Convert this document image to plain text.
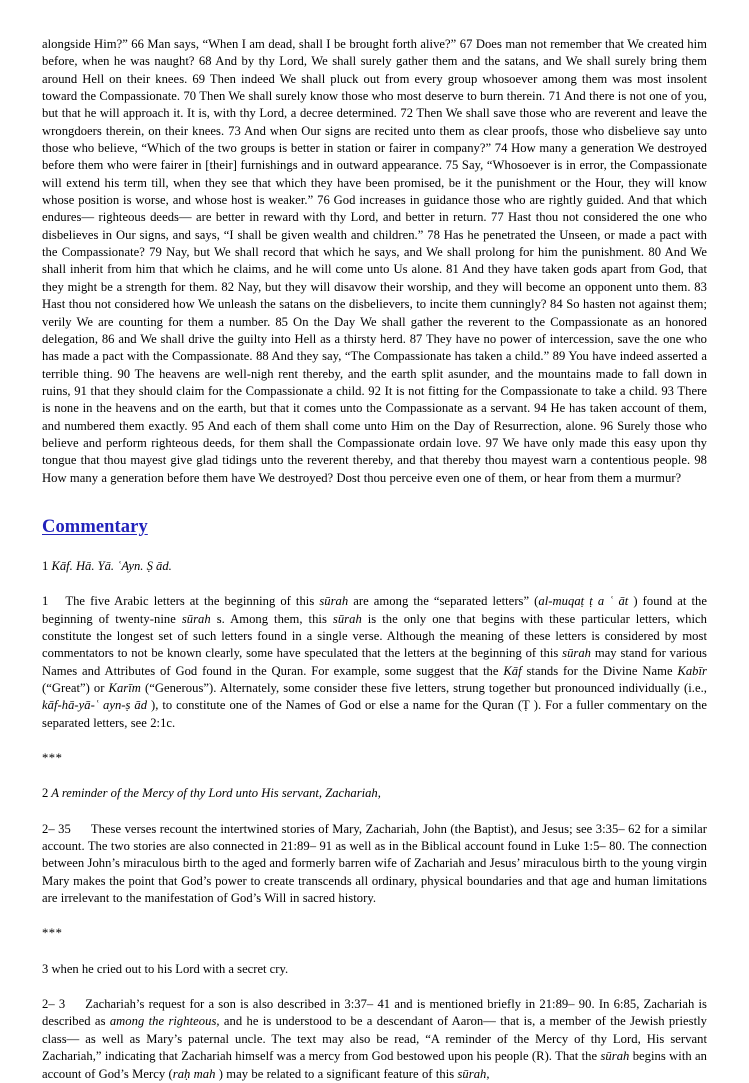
alongside Him?” 66 Man says, “When I am dead, shall I be brought forth alive?” 67 Does man not remember that We created him before, when he was naught? 68 And by thy Lord, We shall surely gather them and the satans, and We shall surely bring them around Hell on their knees. 69 Then indeed We shall pluck out from every group whosoever among them was most insolent toward the Compassionate. 70 Then We shall surely know those who most deserve to burn therein. 71 And there is not one of you, but that he will approach it. It is, with thy Lord, a decree determined. 72 Then We shall save those who are reverent and leave the wrongdoers therein, on their knees. 73 And when Our signs are recited unto them as clear proofs, those who disbelieve say unto those who believe, “Which of the two groups is better in station or fairer in company?” 74 How many a generation We destroyed before them who were fairer in [their] furnishings and in outward appearance. 75 Say, “Whosoever is in error, the Compassionate will extend his term till, when they see that which they have been promised, be it the punishment or the Hour, they will know whose position is worse, and whose host is weaker.” 76 God increases in guidance those who are rightly guided. And that which endures— righteous deeds— are better in reward with thy Lord, and better in return. 77 Hast thou not considered the one who disbelieves in Our signs, and says, “I shall be given wealth and children.” 78 Has he penetrated the Unseen, or made a pact with the Compassionate? 79 Nay, but We shall record that which he says, and We shall prolong for him the punishment. 80 And We shall inherit from him that which he claims, and he will come unto Us alone. 81 And they have taken gods apart from God, that they might be a strength for them. 82 Nay, but they will disavow their worship, and they will become an opponent unto them. 83 Hast thou not considered how We unleash the satans on the disbelievers, to incite them cunningly? 84 So hasten not against them; verily We are counting for them a number. 85 On the Day We shall gather the reverent to the Compassionate as an honored delegation, 86 and We shall drive the guilty into Hell as a thirsty herd. 87 They have no power of intercession, save the one who has made a pact with the Compassionate. 88 And they say, “The Compassionate has taken a child.” 89 You have indeed asserted a terrible thing. 90 The heavens are well-nigh rent thereby, and the earth split asunder, and the mountains made to fall down in ruins, 91 that they should claim for the Compassionate a child. 92 It is not fitting for the Compassionate to take a child. 93 There is none in the heavens and on the earth, but that it comes unto the Compassionate as a servant. 94 He has taken account of them, and numbered them exactly. 95 And each of them shall come unto Him on the Day of Resurrection, alone. 96 Surely those who believe and perform righteous deeds, for them shall the Compassionate ordain love. 97 We have only made this easy upon thy tongue that thou mayest give glad tidings unto the reverent thereby, and that thereby thou mayest warn a contentious people. 98 How many a generation before them have We destroyed? Dost thou perceive even one of them, or hear from them a murmur?

Commentary

1 Kāf. Hā. Yā. ʿAyn. Ṣ ād.

1 The five Arabic letters at the beginning of this sūrah are among the “separated letters” (al-muqaṭ ṭ a ʿ āt ) found at the beginning of twenty-nine sūrah s. Among them, this sūrah is the only one that begins with these particular letters, which constitute the longest set of such letters found in a single verse. Although the meaning of these letters is considered by most commentators to not be known clearly, some have speculated that the letters at the beginning of this sūrah may stand for various Names and Attributes of God found in the Quran. For example, some suggest that the Kāf stands for the Divine Name Kabīr (“Great”) or Karīm (“Generous”). Alternately, some consider these five letters, strung together but pronounced individually (i.e., kāf-hā-yā-ʿ ayn-ṣ ād ), to constitute one of the Names of God or else a name for the Quran (Ṭ ). For a fuller commentary on the separated letters, see 2:1c.

***

2 A reminder of the Mercy of thy Lord unto His servant, Zachariah,

2– 35 These verses recount the intertwined stories of Mary, Zachariah, John (the Baptist), and Jesus; see 3:35– 62 for a similar account. The two stories are also connected in 21:89– 91 as well as in the Biblical account found in Luke 1:5– 80. The connection between John’s miraculous birth to the aged and formerly barren wife of Zachariah and Jesus’ miraculous birth to the young virgin Mary makes the point that God’s power to create transcends all ordinary, physical boundaries and that age and human limitations are irrelevant to the manifestation of God’s Will in sacred history.

***

3 when he cried out to his Lord with a secret cry.

2– 3 Zachariah’s request for a son is also described in 3:37– 41 and is mentioned briefly in 21:89– 90. In 6:85, Zachariah is described as among the righteous, and he is understood to be a descendant of Aaron— that is, a member of the Jewish priestly class— as well as Mary’s paternal uncle. The text may also be read, “A reminder of the Mercy of thy Lord, His servant Zachariah,” indicating that Zachariah himself was a mercy from God bestowed upon his people (R). That the sūrah begins with an account of God’s Mercy (raḥ mah ) may be related to a significant feature of this sūrah,
